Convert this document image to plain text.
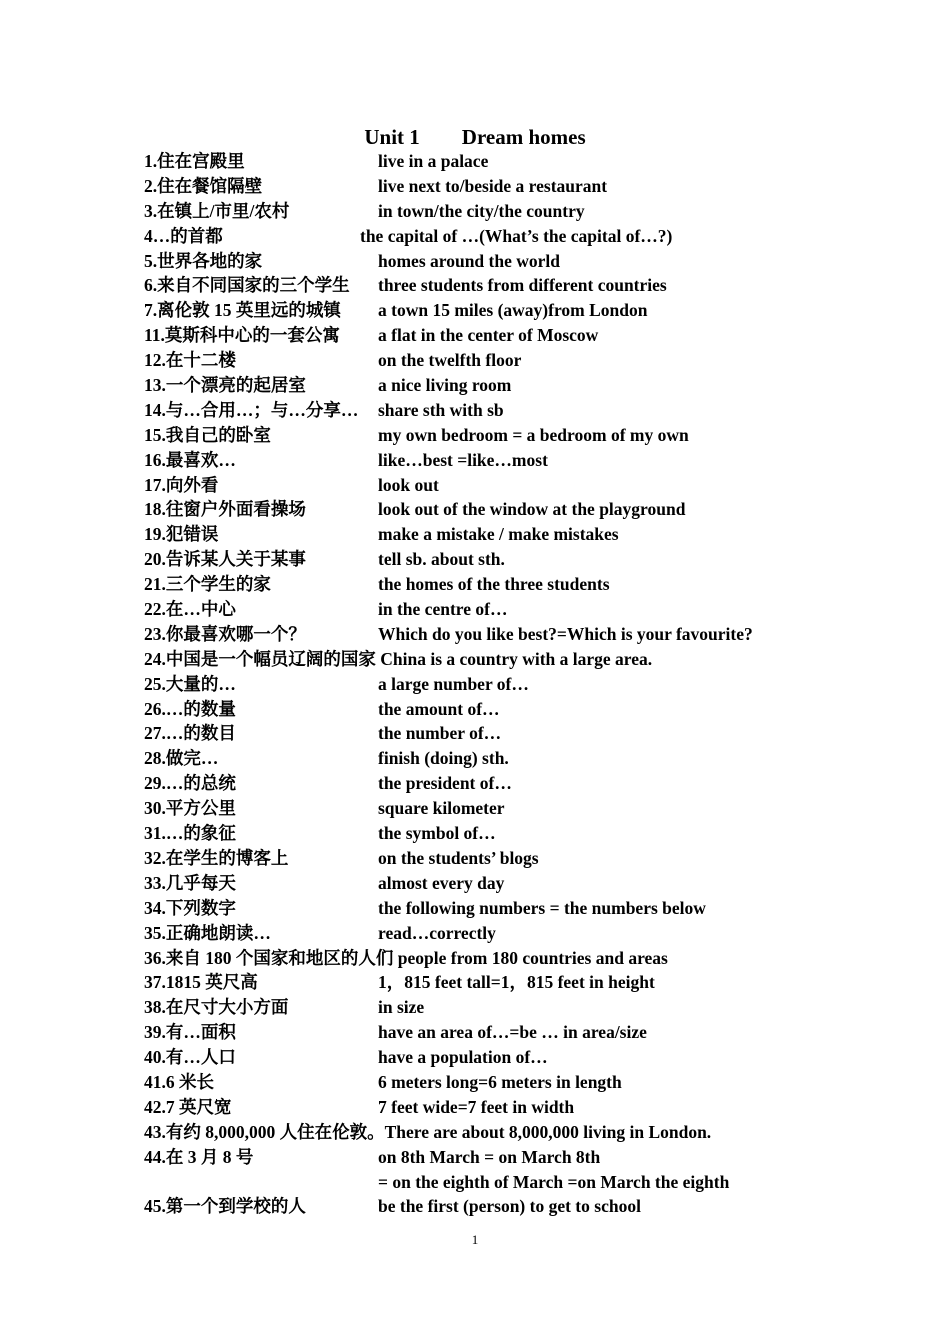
Unit 1        Dream homes
1.住在宫殿里	live in a palace
2.住在餐馆隔壁	live next to/beside a restaurant
3.在镇上/市里/农村	in town/the city/the country
4…的首都	the capital of …(What’s the capital of…?)
5.世界各地的家	homes around the world
6.来自不同国家的三个学生 three students from different countries
7.离伦敦 15 英里远的城镇 a town 15 miles (away)from London
11.莫斯科中心的一套公寓 a flat in the center of Moscow
12.在十二楼	on the twelfth floor
13.一个漂亮的起居室	a nice living room
14.与…合用…；与…分享… share sth with sb
15.我自己的卧室	my own bedroom = a bedroom of my own
16.最喜欢…	like…best =like…most
17.向外看	look out
18.往窗户外面看操场	look out of the window at the playground
19.犯错误	make a mistake / make mistakes
20.告诉某人关于某事	tell sb. about sth.
21.三个学生的家	the homes of the three students
22.在…中心	in the centre of…
23.你最喜欢哪一个？	Which do you like best?=Which is your favourite?
24.中国是一个幅员辽阔的国家 China is a country with a large area.
25.大量的…	a large number of…
26.…的数量	the amount of…
27.…的数目	the number of…
28.做完…	finish (doing) sth.
29.…的总统	the president of…
30.平方公里	square kilometer
31.…的象征	the symbol of…
32.在学生的博客上	on the students’ blogs
33.几乎每天	almost every day
34.下列数字	the following numbers = the numbers below
35.正确地朗读…	read…correctly
36.来自 180 个国家和地区的人们 people from 180 countries and areas
37.1815 英尺高	1，815 feet tall=1，815 feet in height
38.在尺寸大小方面	in size
39.有…面积	have an area of…=be … in area/size
40.有…人口	have a population of…
41.6 米长	6 meters long=6 meters in length
42.7 英尺宽	7 feet wide=7 feet in width
43.有约 8,000,000 人住在伦敦。There are about 8,000,000 living in London.
44.在 3 月 8 号	on 8th March = on March 8th
= on the eighth of March =on March the eighth
45.第一个到学校的人	be the first (person) to get to school
1
